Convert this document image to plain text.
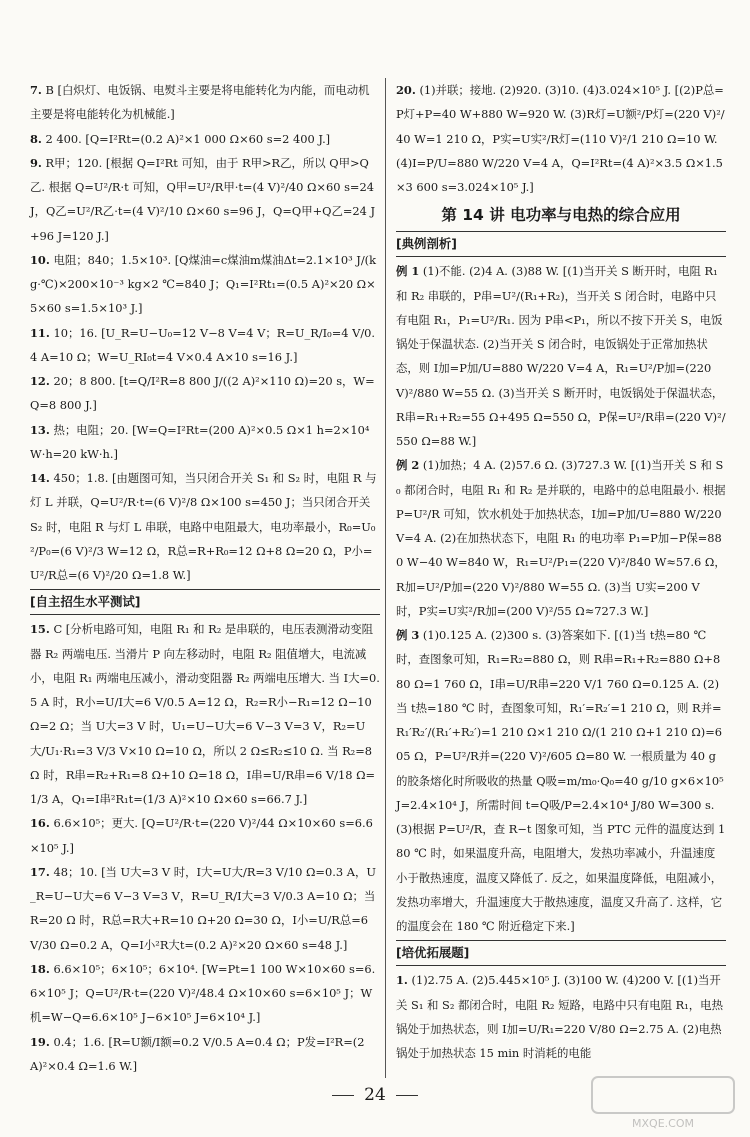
7. B [白炽灯、电饭锅、电熨斗主要是将电能转化为内能，而电动机主要是将电能转化为机械能.]

8. 2 400. [Q=I²Rt=(0.2 A)²×1 000 Ω×60 s=2 400 J.]

9. R甲；120. [根据 Q=I²Rt 可知，由于 R甲>R乙，所以 Q甲>Q乙. 根据 Q=U²/R·t 可知，Q甲=U²/R甲·t=(4 V)²/40 Ω×60 s=24 J，Q乙=U²/R乙·t=(4 V)²/10 Ω×60 s=96 J，Q=Q甲+Q乙=24 J+96 J=120 J.]

10. 电阻；840；1.5×10³. [Q煤油=c煤油m煤油Δt=2.1×10³ J/(kg·℃)×200×10⁻³ kg×2 ℃=840 J；Q₁=I²Rt₁=(0.5 A)²×20 Ω×5×60 s=1.5×10³ J.]

11. 10；16. [U_R=U−U₀=12 V−8 V=4 V；R=U_R/I₀=4 V/0.4 A=10 Ω；W=U_RI₀t=4 V×0.4 A×10 s=16 J.]

12. 20；8 800. [t=Q/I²R=8 800 J/((2 A)²×110 Ω)=20 s，W=Q=8 800 J.]

13. 热；电阻；20. [W=Q=I²Rt=(200 A)²×0.5 Ω×1 h=2×10⁴ W·h=20 kW·h.]

14. 450；1.8. [由题图可知，当只闭合开关 S₁ 和 S₂ 时，电阻 R 与灯 L 并联，Q=U²/R·t=(6 V)²/8 Ω×100 s=450 J；当只闭合开关 S₂ 时，电阻 R 与灯 L 串联，电路中电阻最大，电功率最小，R₀=U₀²/P₀=(6 V)²/3 W=12 Ω，R总=R+R₀=12 Ω+8 Ω=20 Ω，P小=U²/R总=(6 V)²/20 Ω=1.8 W.]

[自主招生水平测试]

15. C [分析电路可知，电阻 R₁ 和 R₂ 是串联的，电压表测滑动变阻器 R₂ 两端电压. 当滑片 P 向左移动时，电阻 R₂ 阻值增大，电流减小，电阻 R₁ 两端电压减小，滑动变阻器 R₂ 两端电压增大. 当 I大=0.5 A 时，R小=U/I大=6 V/0.5 A=12 Ω，R₂=R小−R₁=12 Ω−10 Ω=2 Ω；当 U大=3 V 时，U₁=U−U大=6 V−3 V=3 V，R₂=U大/U₁·R₁=3 V/3 V×10 Ω=10 Ω，所以 2 Ω≤R₂≤10 Ω. 当 R₂=8 Ω 时，R串=R₂+R₁=8 Ω+10 Ω=18 Ω，I串=U/R串=6 V/18 Ω=1/3 A，Q₁=I串²R₁t=(1/3 A)²×10 Ω×60 s=66.7 J.]

16. 6.6×10⁵；更大. [Q=U²/R·t=(220 V)²/44 Ω×10×60 s=6.6×10⁵ J.]

17. 48；10. [当 U大=3 V 时，I大=U大/R=3 V/10 Ω=0.3 A，U_R=U−U大=6 V−3 V=3 V，R=U_R/I大=3 V/0.3 A=10 Ω；当 R=20 Ω 时，R总=R大+R=10 Ω+20 Ω=30 Ω，I小=U/R总=6 V/30 Ω=0.2 A，Q=I小²R大t=(0.2 A)²×20 Ω×60 s=48 J.]

18. 6.6×10⁵；6×10⁵；6×10⁴. [W=Pt=1 100 W×10×60 s=6.6×10⁵ J；Q=U²/R·t=(220 V)²/48.4 Ω×10×60 s=6×10⁵ J；W机=W−Q=6.6×10⁵ J−6×10⁵ J=6×10⁴ J.]

19. 0.4；1.6. [R=U额/I额=0.2 V/0.5 A=0.4 Ω；P发=I²R=(2 A)²×0.4 Ω=1.6 W.]

20. (1)并联；接地. (2)920. (3)10. (4)3.024×10⁵ J. [(2)P总=P灯+P=40 W+880 W=920 W. (3)R灯=U额²/P灯=(220 V)²/40 W=1 210 Ω，P实=U实²/R灯=(110 V)²/1 210 Ω=10 W. (4)I=P/U=880 W/220 V=4 A，Q=I²Rt=(4 A)²×3.5 Ω×1.5×3 600 s=3.024×10⁵ J.]

第 14 讲 电功率与电热的综合应用
[典例剖析]

例 1 (1)不能. (2)4 A. (3)88 W. [(1)当开关 S 断开时，电阻 R₁ 和 R₂ 串联的，P串=U²/(R₁+R₂)，当开关 S 闭合时，电路中只有电阻 R₁，P₁=U²/R₁. 因为 P串<P₁，所以不按下开关 S，电饭锅处于保温状态. (2)当开关 S 闭合时，电饭锅处于正常加热状态，则 I加=P加/U=880 W/220 V=4 A，R₁=U²/P加=(220 V)²/880 W=55 Ω. (3)当开关 S 断开时，电饭锅处于保温状态，R串=R₁+R₂=55 Ω+495 Ω=550 Ω，P保=U²/R串=(220 V)²/550 Ω=88 W.]

例 2 (1)加热；4 A. (2)57.6 Ω. (3)727.3 W. [(1)当开关 S 和 S₀ 都闭合时，电阻 R₁ 和 R₂ 是并联的，电路中的总电阻最小. 根据 P=U²/R 可知，饮水机处于加热状态，I加=P加/U=880 W/220 V=4 A. (2)在加热状态下，电阻 R₁ 的电功率 P₁=P加−P保=880 W−40 W=840 W，R₁=U²/P₁=(220 V)²/840 W≈57.6 Ω，R加=U²/P加=(220 V)²/880 W=55 Ω. (3)当 U实=200 V 时，P实=U实²/R加=(200 V)²/55 Ω≈727.3 W.]

例 3 (1)0.125 A. (2)300 s. (3)答案如下. [(1)当 t热=80 ℃ 时，查图象可知，R₁=R₂=880 Ω，则 R串=R₁+R₂=880 Ω+880 Ω=1 760 Ω，I串=U/R串=220 V/1 760 Ω=0.125 A. (2)当 t热=180 ℃ 时，查图象可知，R₁′=R₂′=1 210 Ω，则 R并=R₁′R₂′/(R₁′+R₂′)=1 210 Ω×1 210 Ω/(1 210 Ω+1 210 Ω)=605 Ω，P=U²/R并=(220 V)²/605 Ω=80 W. 一根质量为 40 g 的胶条熔化时所吸收的热量 Q吸=m/m₀·Q₀=40 g/10 g×6×10⁵ J=2.4×10⁴ J，所需时间 t=Q吸/P=2.4×10⁴ J/80 W=300 s. (3)根据 P=U²/R，查 R−t 图象可知，当 PTC 元件的温度达到 180 ℃ 时，如果温度升高，电阻增大，发热功率减小，升温速度小于散热速度，温度又降低了. 反之，如果温度降低，电阻减小，发热功率增大，升温速度大于散热速度，温度又升高了. 这样，它的温度会在 180 ℃ 附近稳定下来.]

[培优拓展题]

1. (1)2.75 A. (2)5.445×10⁵ J. (3)100 W. (4)200 V. [(1)当开关 S₁ 和 S₂ 都闭合时，电阻 R₂ 短路，电路中只有电阻 R₁，电热锅处于加热状态，则 I加=U/R₁=220 V/80 Ω=2.75 A. (2)电热锅处于加热状态 15 min 时消耗的电能

24
MXQE.COM
